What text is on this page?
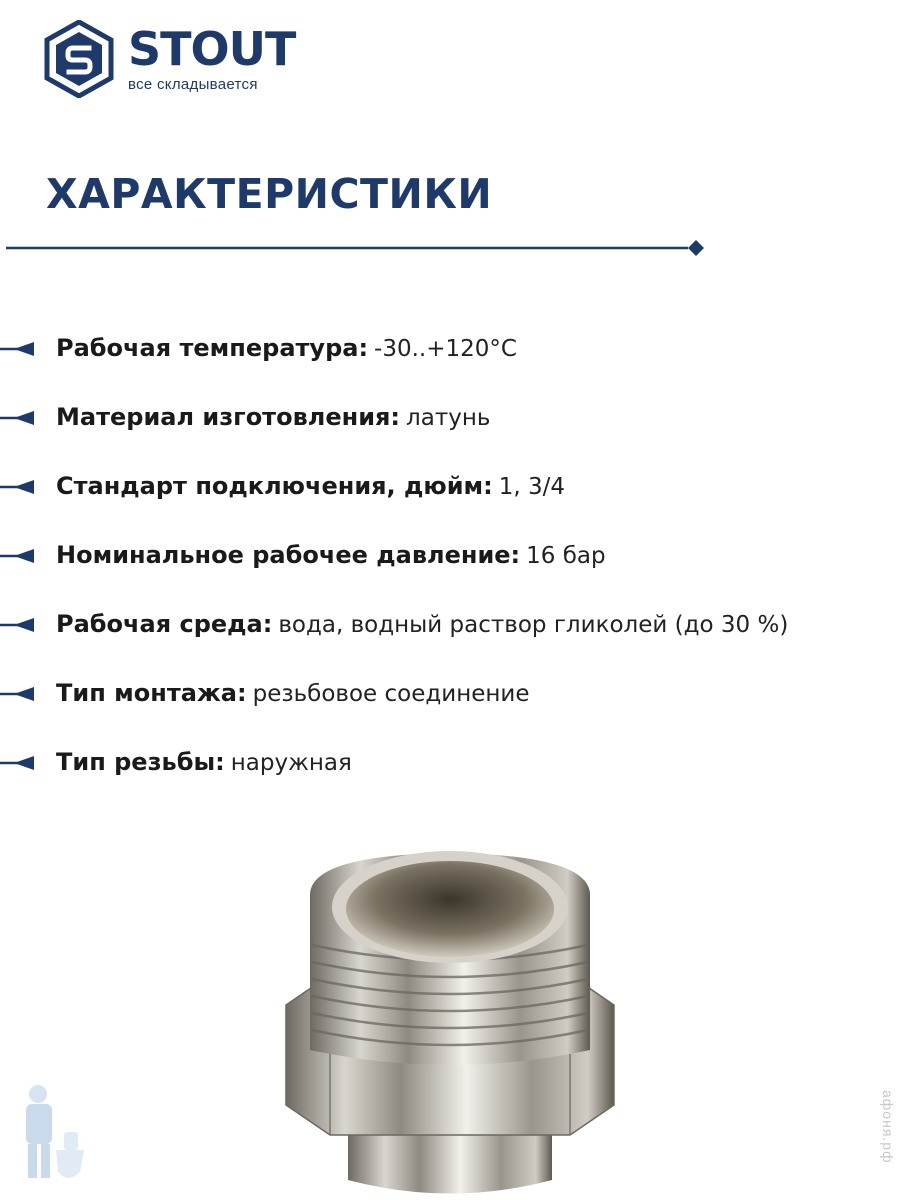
STOUT
все складывается
ХАРАКТЕРИСТИКИ
Рабочая температура: -30..+120°C
Материал изготовления: латунь
Стандарт подключения, дюйм: 1, 3/4
Номинальное рабочее давление: 16 бар
Рабочая среда: вода, водный раствор гликолей (до 30 %)
Тип монтажа: резьбовое соединение
Тип резьбы: наружная
афоня.рф
